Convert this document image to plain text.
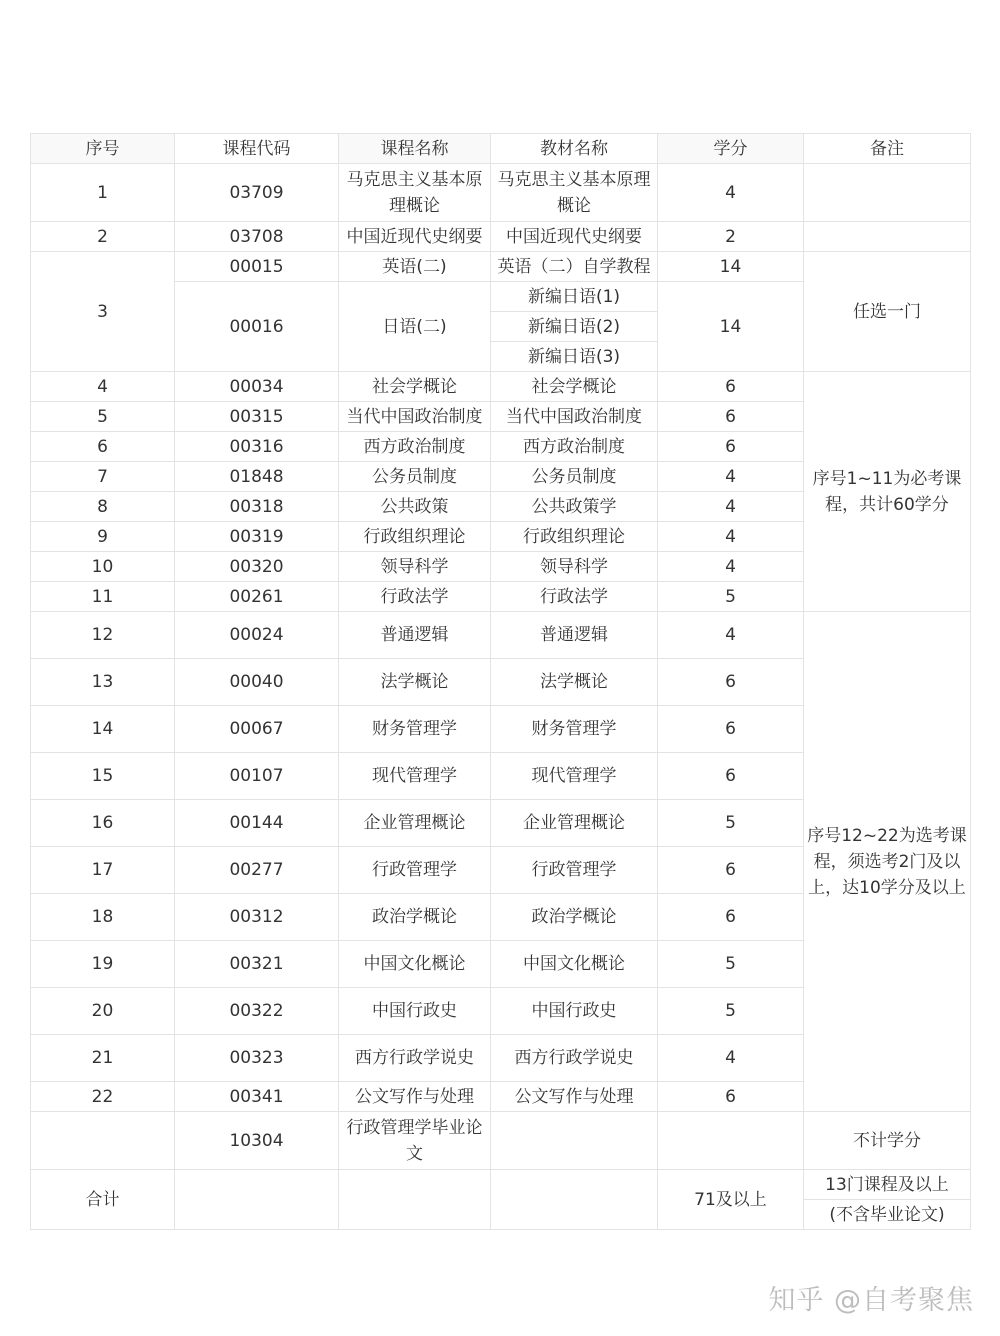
序号	课程代码	课程名称	教材名称	学分	备注
1	03709	马克思主义基本原理概论	马克思主义基本原理概论	4	
2	03708	中国近现代史纲要	中国近现代史纲要	2	
3	00015	英语(二)	英语（二）自学教程	14	任选一门
	00016	日语(二)	新编日语(1)	14	
			新编日语(2)		
			新编日语(3)		
4	00034	社会学概论	社会学概论	6	序号1~11为必考课程，共计60学分
5	00315	当代中国政治制度	当代中国政治制度	6	
6	00316	西方政治制度	西方政治制度	6	
7	01848	公务员制度	公务员制度	4	
8	00318	公共政策	公共政策学	4	
9	00319	行政组织理论	行政组织理论	4	
10	00320	领导科学	领导科学	4	
11	00261	行政法学	行政法学	5	
12	00024	普通逻辑	普通逻辑	4	序号12~22为选考课程，须选考2门及以上，达10学分及以上
13	00040	法学概论	法学概论	6	
14	00067	财务管理学	财务管理学	6	
15	00107	现代管理学	现代管理学	6	
16	00144	企业管理概论	企业管理概论	5	
17	00277	行政管理学	行政管理学	6	
18	00312	政治学概论	政治学概论	6	
19	00321	中国文化概论	中国文化概论	5	
20	00322	中国行政史	中国行政史	5	
21	00323	西方行政学说史	西方行政学说史	4	
22	00341	公文写作与处理	公文写作与处理	6	
	10304	行政管理学毕业论文			不计学分
合计				71及以上	13门课程及以上
					(不含毕业论文)
知乎 @自考聚焦
